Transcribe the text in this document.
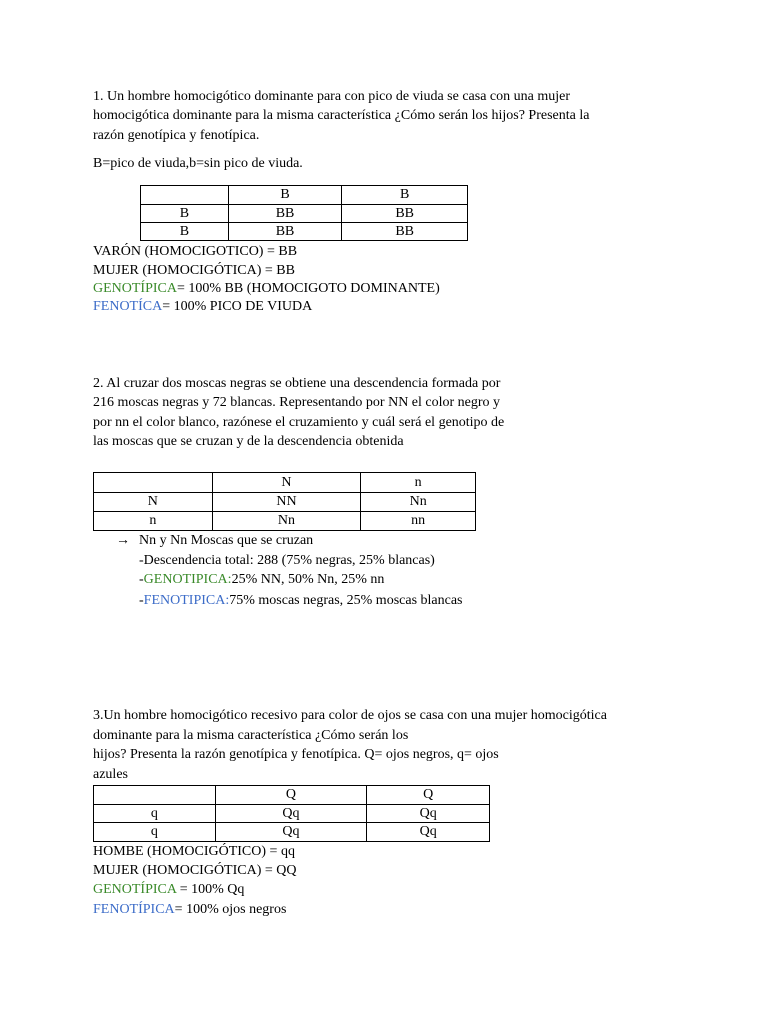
1. Un hombre homocigótico dominante para con pico de viuda se casa con una mujer
homocigótica dominante para la misma característica ¿Cómo serán los hijos? Presenta la
razón genotípica y fenotípica.
B=pico de viuda,b=sin pico de viuda.
	B	B
B	BB	BB
B	BB	BB
VARÓN (HOMOCIGOTICO) = BB
MUJER (HOMOCIGÓTICA) = BB
GENOTÍPICA= 100% BB (HOMOCIGOTO DOMINANTE)
FENOTÍCA= 100% PICO DE VIUDA
2. Al cruzar dos moscas negras se obtiene una descendencia formada por
216 moscas negras y 72 blancas. Representando por NN el color negro y
por nn el color blanco, razónese el cruzamiento y cuál será el genotipo de
las moscas que se cruzan y de la descendencia obtenida
	N	n
N	NN	Nn
n	Nn	nn
→ Nn y Nn Moscas que se cruzan
-Descendencia total: 288 (75% negras, 25% blancas)
-GENOTIPICA:25% NN, 50% Nn, 25% nn
-FENOTIPICA:75% moscas negras, 25% moscas blancas
3.Un hombre homocigótico recesivo para color de ojos se casa con una mujer homocigótica
dominante para la misma característica ¿Cómo serán los
hijos? Presenta la razón genotípica y fenotípica. Q= ojos negros, q= ojos
azules
	Q	Q
q	Qq	Qq
q	Qq	Qq
HOMBE (HOMOCIGÓTICO) = qq
MUJER (HOMOCIGÓTICA) = QQ
GENOTÍPICA = 100% Qq
FENOTÍPICA= 100% ojos negros
